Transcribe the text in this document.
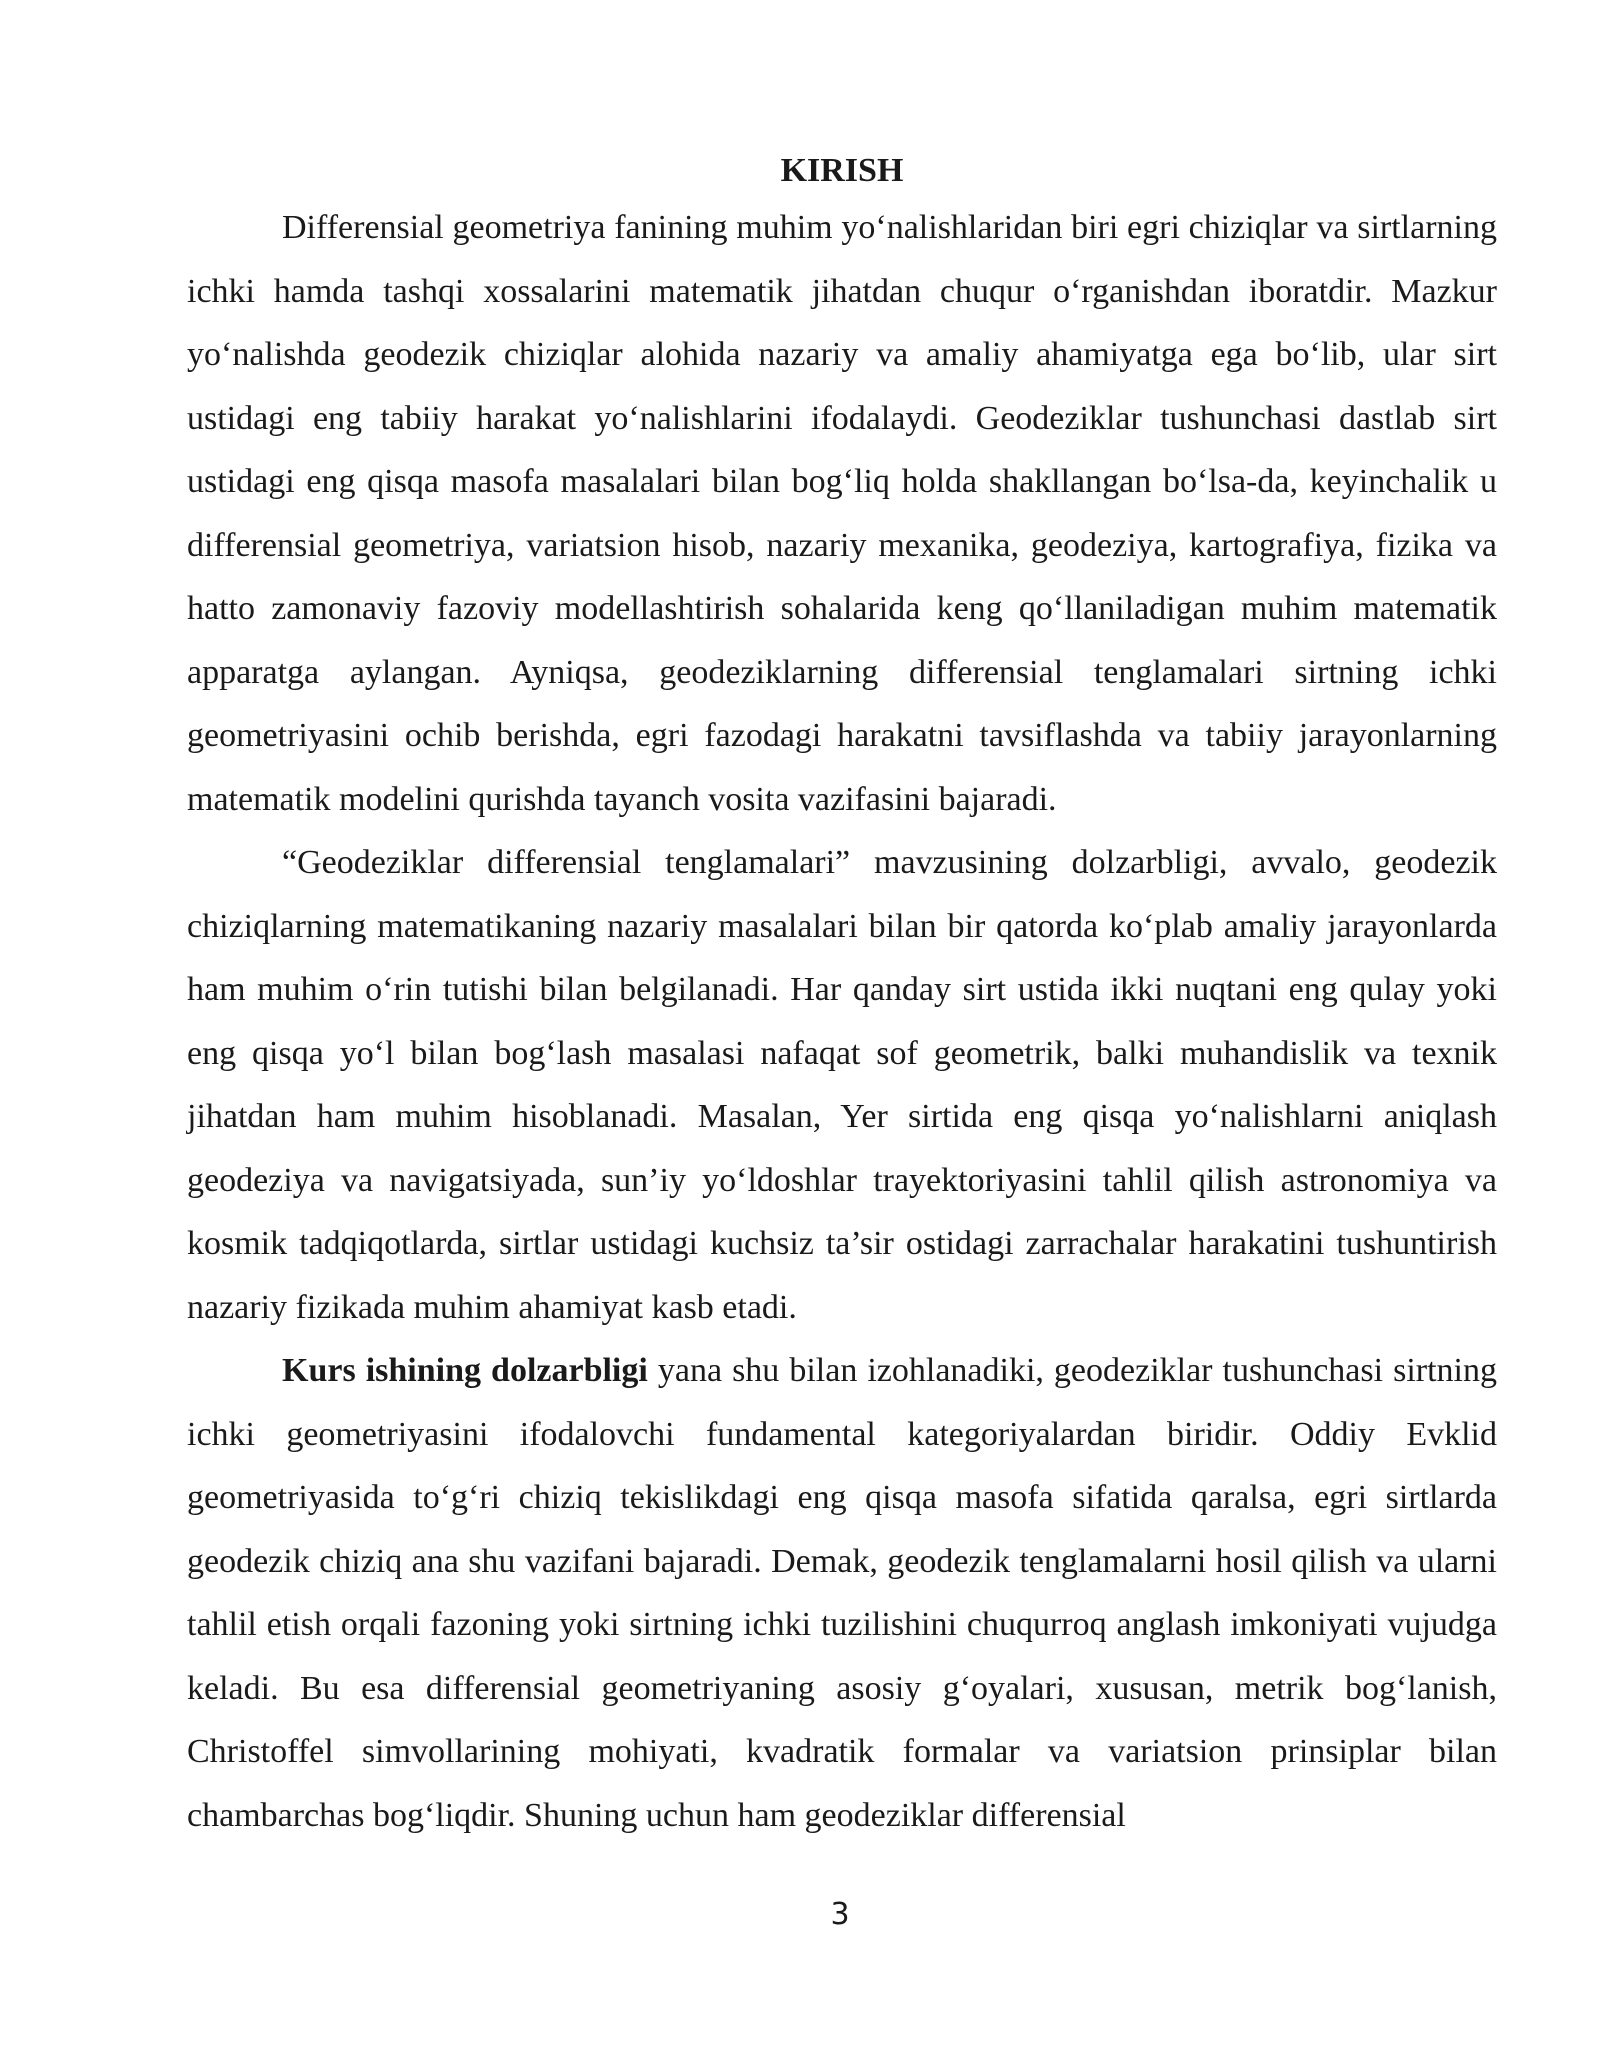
KIRISH

Differensial geometriya fanining muhim yo‘nalishlaridan biri egri chiziqlar va sirtlarning ichki hamda tashqi xossalarini matematik jihatdan chuqur o‘rganishdan iboratdir. Mazkur yo‘nalishda geodezik chiziqlar alohida nazariy va amaliy ahamiyatga ega bo‘lib, ular sirt ustidagi eng tabiiy harakat yo‘nalishlarini ifodalaydi. Geodeziklar tushunchasi dastlab sirt ustidagi eng qisqa masofa masalalari bilan bog‘liq holda shakllangan bo‘lsa-da, keyinchalik u differensial geometriya, variatsion hisob, nazariy mexanika, geodeziya, kartografiya, fizika va hatto zamonaviy fazoviy modellashtirish sohalarida keng qo‘llaniladigan muhim matematik apparatga aylangan. Ayniqsa, geodeziklarning differensial tenglamalari sirtning ichki geometriyasini ochib berishda, egri fazodagi harakatni tavsiflashda va tabiiy jarayonlarning matematik modelini qurishda tayanch vosita vazifasini bajaradi.

“Geodeziklar differensial tenglamalari” mavzusining dolzarbligi, avvalo, geodezik chiziqlarning matematikaning nazariy masalalari bilan bir qatorda ko‘plab amaliy jarayonlarda ham muhim o‘rin tutishi bilan belgilanadi. Har qanday sirt ustida ikki nuqtani eng qulay yoki eng qisqa yo‘l bilan bog‘lash masalasi nafaqat sof geometrik, balki muhandislik va texnik jihatdan ham muhim hisoblanadi. Masalan, Yer sirtida eng qisqa yo‘nalishlarni aniqlash geodeziya va navigatsiyada, sun’iy yo‘ldoshlar trayektoriyasini tahlil qilish astronomiya va kosmik tadqiqotlarda, sirtlar ustidagi kuchsiz ta’sir ostidagi zarrachalar harakatini tushuntirish nazariy fizikada muhim ahamiyat kasb etadi.

Kurs ishining dolzarbligi yana shu bilan izohlanadiki, geodeziklar tushunchasi sirtning ichki geometriyasini ifodalovchi fundamental kategoriyalardan biridir. Oddiy Evklid geometriyasida to‘g‘ri chiziq tekislikdagi eng qisqa masofa sifatida qaralsa, egri sirtlarda geodezik chiziq ana shu vazifani bajaradi. Demak, geodezik tenglamalarni hosil qilish va ularni tahlil etish orqali fazoning yoki sirtning ichki tuzilishini chuqurroq anglash imkoniyati vujudga keladi. Bu esa differensial geometriyaning asosiy g‘oyalari, xususan, metrik bog‘lanish, Christoffel simvollarining mohiyati, kvadratik formalar va variatsion prinsiplar bilan chambarchas bog‘liqdir. Shuning uchun ham geodeziklar differensial

3
